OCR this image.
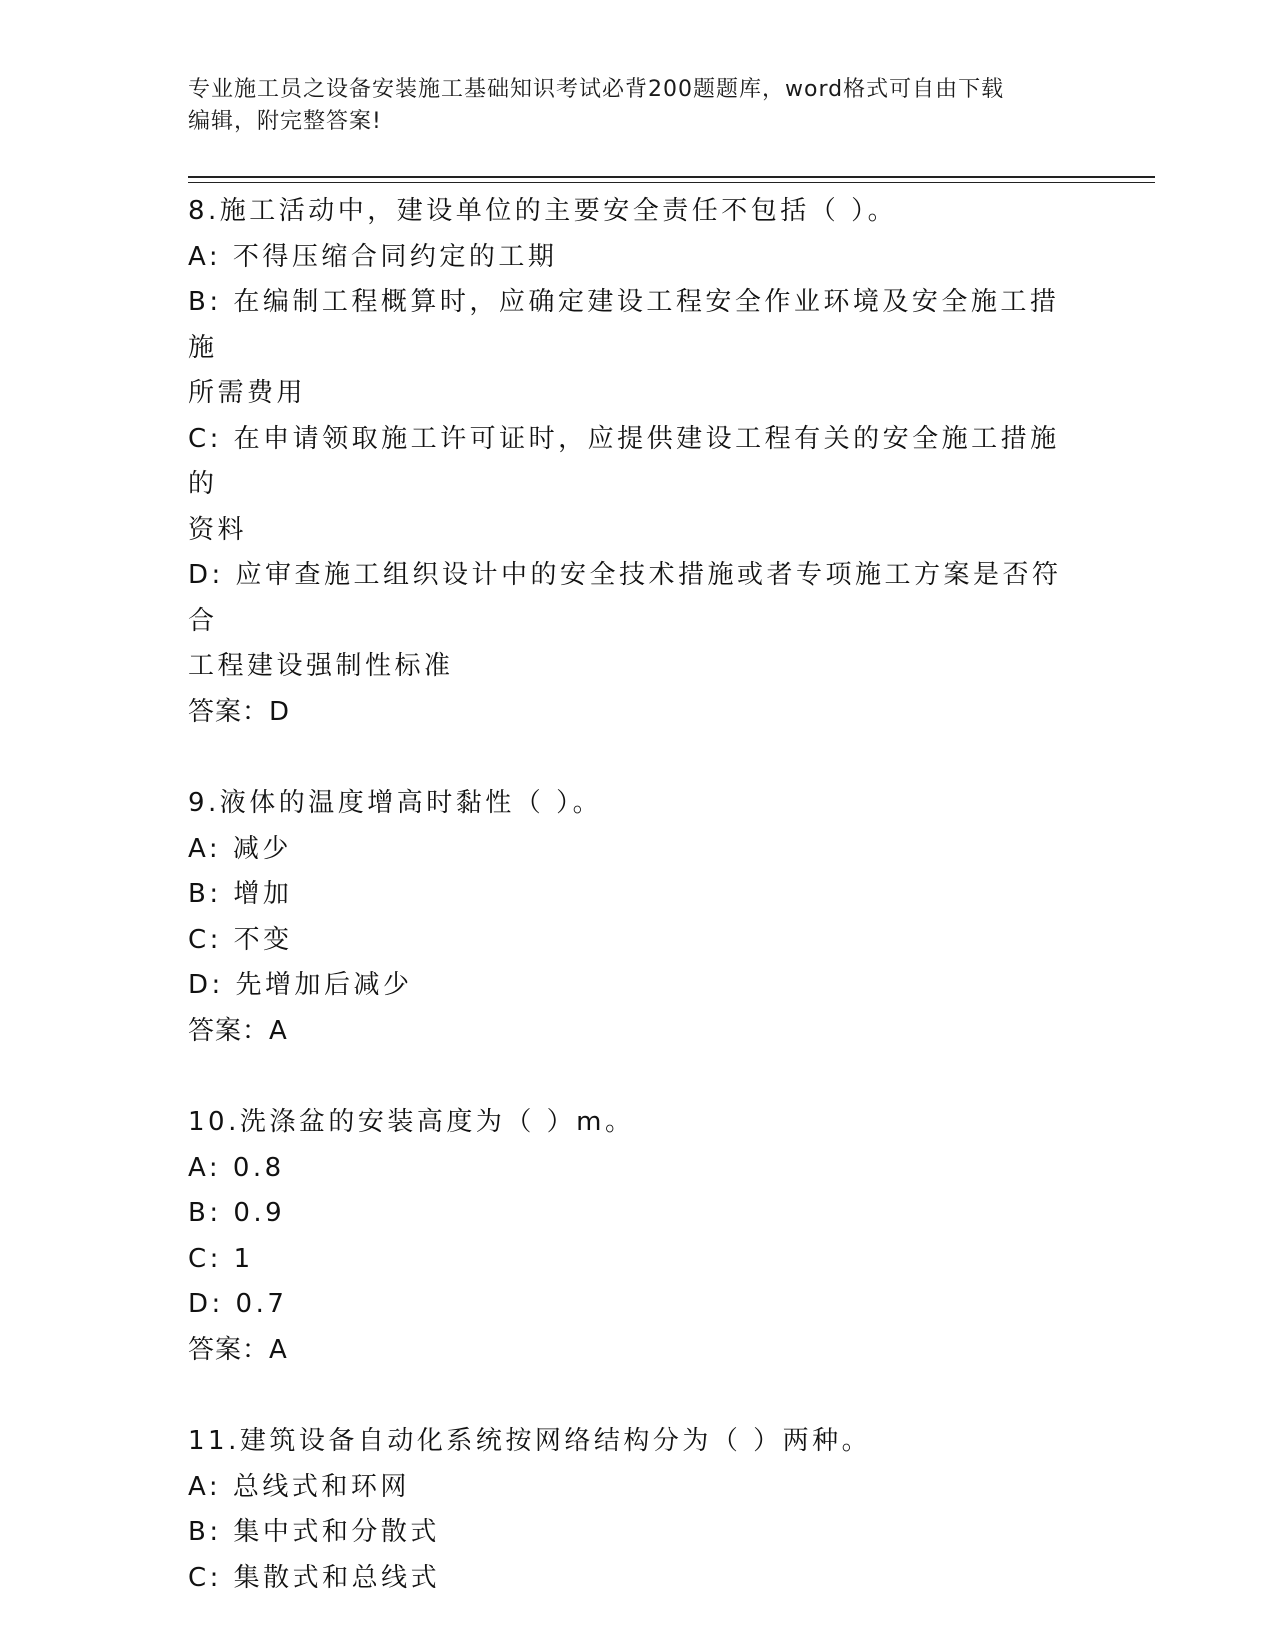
专业施工员之设备安装施工基础知识考试必背200题题库，word格式可自由下载
编辑，附完整答案!
8.施工活动中，建设单位的主要安全责任不包括（ ）。
A: 不得压缩合同约定的工期
B: 在编制工程概算时，应确定建设工程安全作业环境及安全施工措施
所需费用
C: 在申请领取施工许可证时，应提供建设工程有关的安全施工措施的
资料
D: 应审查施工组织设计中的安全技术措施或者专项施工方案是否符合
工程建设强制性标准
答案：D
9.液体的温度增高时黏性（ ）。
A: 减少
B: 增加
C: 不变
D: 先增加后减少
答案：A
10.洗涤盆的安装高度为（ ）m。
A: 0.8
B: 0.9
C: 1
D: 0.7
答案：A
11.建筑设备自动化系统按网络结构分为（ ）两种。
A: 总线式和环网
B: 集中式和分散式
C: 集散式和总线式
